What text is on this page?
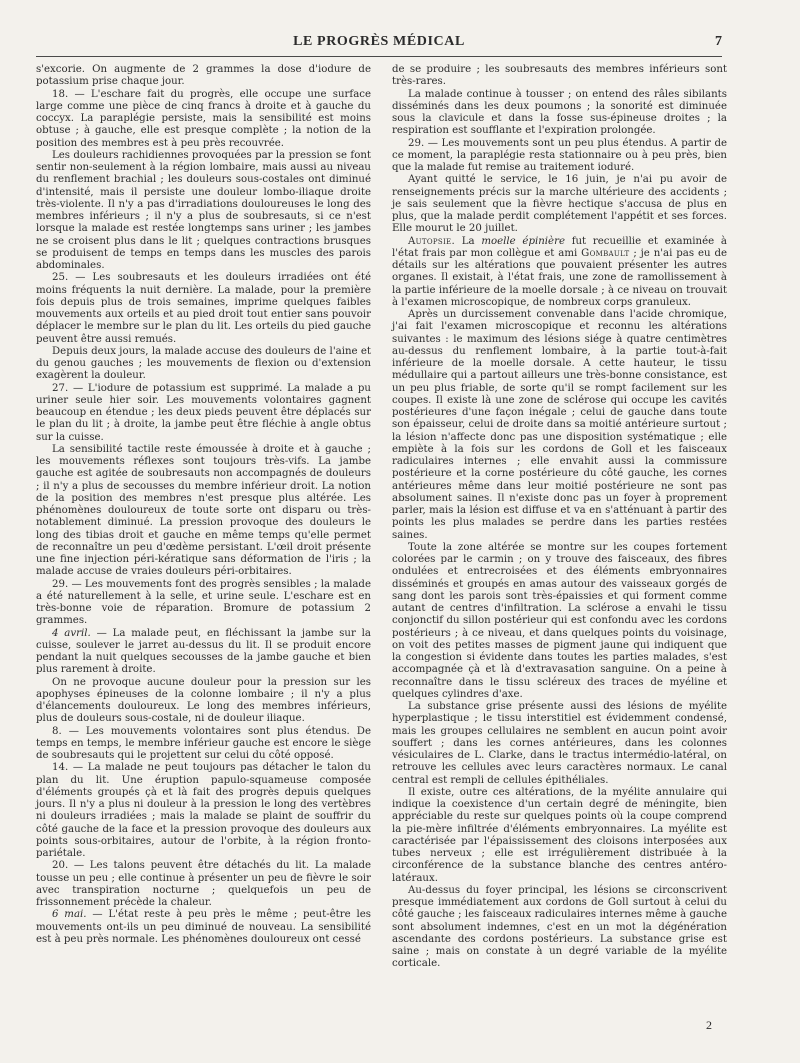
LE PROGRÈS MÉDICAL	7

s'excorie. On augmente de 2 grammes la dose d'iodure de potassium prise chaque jour.

18. — L'eschare fait du progrès, elle occupe une surface large comme une pièce de cinq francs à droite et à gauche du coccyx. La paraplégie persiste, mais la sensibilité est moins obtuse ; à gauche, elle est presque complète ; la notion de la position des membres est à peu près recouvrée.

Les douleurs rachidiennes provoquées par la pression se font sentir non-seulement à la région lombaire, mais aussi au niveau du renflement brachial ; les douleurs sous-costales ont diminué d'intensité, mais il persiste une douleur lombo-iliaque droite très-violente. Il n'y a pas d'irradiations douloureuses le long des membres inférieurs ; il n'y a plus de soubresauts, si ce n'est lorsque la malade est restée longtemps sans uriner ; les jambes ne se croisent plus dans le lit ; quelques contractions brusques se produisent de temps en temps dans les muscles des parois abdominales.

25. — Les soubresauts et les douleurs irradiées ont été moins fréquents la nuit dernière. La malade, pour la première fois depuis plus de trois semaines, imprime quelques faibles mouvements aux orteils et au pied droit tout entier sans pouvoir déplacer le membre sur le plan du lit. Les orteils du pied gauche peuvent être aussi remués.

Depuis deux jours, la malade accuse des douleurs de l'aine et du genou gauches ; les mouvements de flexion ou d'extension exagèrent la douleur.

27. — L'iodure de potassium est supprimé. La malade a pu uriner seule hier soir. Les mouvements volontaires gagnent beaucoup en étendue ; les deux pieds peuvent être déplacés sur le plan du lit ; à droite, la jambe peut être fléchie à angle obtus sur la cuisse.

La sensibilité tactile reste émoussée à droite et à gauche ; les mouvements réflexes sont toujours très-vifs. La jambe gauche est agitée de soubresauts non accompagnés de douleurs ; il n'y a plus de secousses du membre inférieur droit. La notion de la position des membres n'est presque plus altérée. Les phénomènes douloureux de toute sorte ont disparu ou très-notablement diminué. La pression provoque des douleurs le long des tibias droit et gauche en même temps qu'elle permet de reconnaître un peu d'œdème persistant. L'œil droit présente une fine injection péri-kératique sans déformation de l'iris ; la malade accuse de vraies douleurs péri-orbitaires.

29. — Les mouvements font des progrès sensibles ; la malade a été naturellement à la selle, et urine seule. L'eschare est en très-bonne voie de réparation. Bromure de potassium 2 grammes.

4 avril. — La malade peut, en fléchissant la jambe sur la cuisse, soulever le jarret au-dessus du lit. Il se produit encore pendant la nuit quelques secousses de la jambe gauche et bien plus rarement à droite.

On ne provoque aucune douleur pour la pression sur les apophyses épineuses de la colonne lombaire ; il n'y a plus d'élancements douloureux. Le long des membres inférieurs, plus de douleurs sous-costale, ni de douleur iliaque.

8. — Les mouvements volontaires sont plus étendus. De temps en temps, le membre inférieur gauche est encore le siège de soubresauts qui le projettent sur celui du côté opposé.

14. — La malade ne peut toujours pas détacher le talon du plan du lit. Une éruption papulo-squameuse composée d'éléments groupés çà et là fait des progrès depuis quelques jours. Il n'y a plus ni douleur à la pression le long des vertèbres ni douleurs irradiées ; mais la malade se plaint de souffrir du côté gauche de la face et la pression provoque des douleurs aux points sous-orbitaires, autour de l'orbite, à la région fronto-pariétale.

20. — Les talons peuvent être détachés du lit. La malade tousse un peu ; elle continue à présenter un peu de fièvre le soir avec transpiration nocturne ; quelquefois un peu de frissonnement précède la chaleur.

6 mai. — L'état reste à peu près le même ; peut-être les mouvements ont-ils un peu diminué de nouveau. La sensibilité est à peu près normale. Les phénomènes douloureux ont cessé

de se produire ; les soubresauts des membres inférieurs sont très-rares.

La malade continue à tousser ; on entend des râles sibilants disséminés dans les deux poumons ; la sonorité est diminuée sous la clavicule et dans la fosse sus-épineuse droites ; la respiration est soufflante et l'expiration prolongée.

29. — Les mouvements sont un peu plus étendus. A partir de ce moment, la paraplégie resta stationnaire ou à peu près, bien que la malade fut remise au traitement ioduré.

Ayant quitté le service, le 16 juin, je n'ai pu avoir de renseignements précis sur la marche ultérieure des accidents ; je sais seulement que la fièvre hectique s'accusa de plus en plus, que la malade perdit complétement l'appétit et ses forces. Elle mourut le 20 juillet.

Autopsie. La moelle épinière fut recueillie et examinée à l'état frais par mon collègue et ami Gombault ; je n'ai pas eu de détails sur les altérations que pouvaient présenter les autres organes. Il existait, à l'état frais, une zone de ramollissement à la partie inférieure de la moelle dorsale ; à ce niveau on trouvait à l'examen microscopique, de nombreux corps granuleux.

Après un durcissement convenable dans l'acide chromique, j'ai fait l'examen microscopique et reconnu les altérations suivantes : le maximum des lésions siége à quatre centimètres au-dessus du renflement lombaire, à la partie tout-à-fait inférieure de la moelle dorsale. A cette hauteur, le tissu médullaire qui a partout ailleurs une très-bonne consistance, est un peu plus friable, de sorte qu'il se rompt facilement sur les coupes. Il existe là une zone de sclérose qui occupe les cavités postérieures d'une façon inégale ; celui de gauche dans toute son épaisseur, celui de droite dans sa moitié antérieure surtout ; la lésion n'affecte donc pas une disposition systématique ; elle empiète à la fois sur les cordons de Goll et les faisceaux radiculaires internes ; elle envahit aussi la commissure postérieure et la corne postérieure du côté gauche, les cornes antérieures même dans leur moitié postérieure ne sont pas absolument saines. Il n'existe donc pas un foyer à proprement parler, mais la lésion est diffuse et va en s'atténuant à partir des points les plus malades se perdre dans les parties restées saines.

Toute la zone altérée se montre sur les coupes fortement colorées par le carmin ; on y trouve des faisceaux, des fibres ondulées et entrecroisées et des éléments embryonnaires disséminés et groupés en amas autour des vaisseaux gorgés de sang dont les parois sont très-épaissies et qui forment comme autant de centres d'infiltration. La sclérose a envahi le tissu conjonctif du sillon postérieur qui est confondu avec les cordons postérieurs ; à ce niveau, et dans quelques points du voisinage, on voit des petites masses de pigment jaune qui indiquent que la congestion si évidente dans toutes les parties malades, s'est accompagnée çà et là d'extravasation sanguine. On a peine à reconnaître dans le tissu scléreux des traces de myéline et quelques cylindres d'axe.

La substance grise présente aussi des lésions de myélite hyperplastique ; le tissu interstitiel est évidemment condensé, mais les groupes cellulaires ne semblent en aucun point avoir souffert ; dans les cornes antérieures, dans les colonnes vésiculaires de L. Clarke, dans le tractus intermédio-latéral, on retrouve les cellules avec leurs caractères normaux. Le canal central est rempli de cellules épithéliales.

Il existe, outre ces altérations, de la myélite annulaire qui indique la coexistence d'un certain degré de méningite, bien appréciable du reste sur quelques points où la coupe comprend la pie-mère infiltrée d'éléments embryonnaires. La myélite est caractérisée par l'épaississement des cloisons interposées aux tubes nerveux ; elle est irrégulièrement distribuée à la circonférence de la substance blanche des centres antéro-latéraux.

Au-dessus du foyer principal, les lésions se circonscrivent presque immédiatement aux cordons de Goll surtout à celui du côté gauche ; les faisceaux radiculaires internes même à gauche sont absolument indemnes, c'est en un mot la dégénération ascendante des cordons postérieurs. La substance grise est saine ; mais on constate à un degré variable de la myélite corticale.

2
